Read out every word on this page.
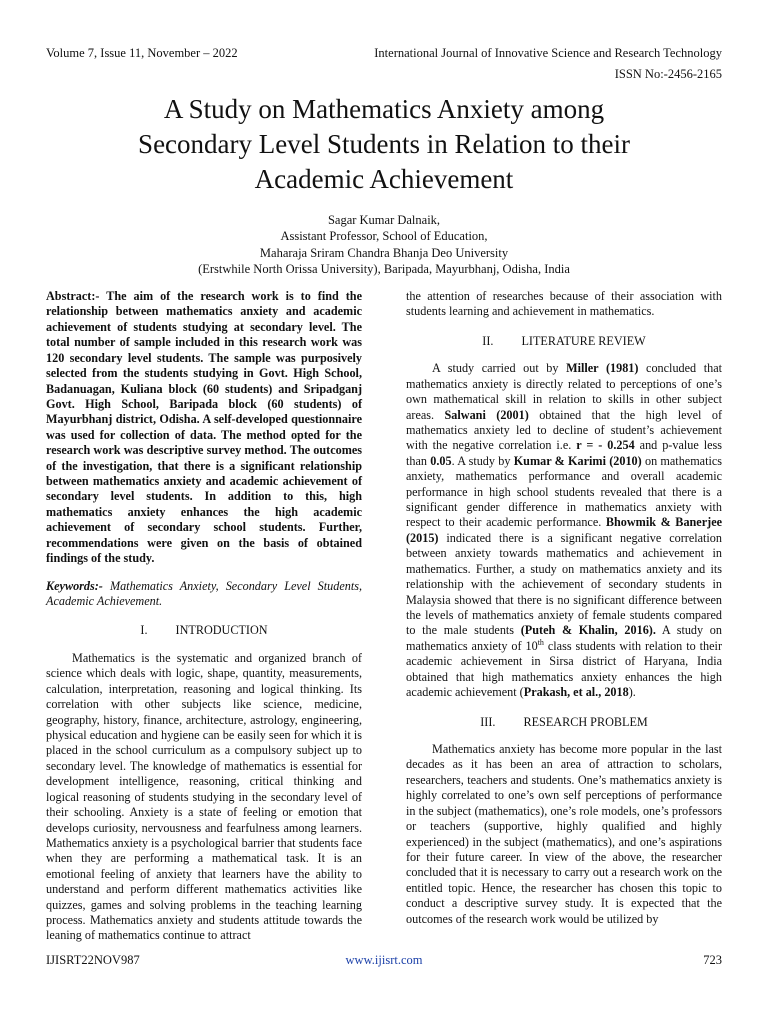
Volume 7, Issue 11, November – 2022	International Journal of Innovative Science and Research Technology
ISSN No:-2456-2165
A Study on Mathematics Anxiety among
Secondary Level Students in Relation to their
Academic Achievement
Sagar Kumar Dalnaik,
Assistant Professor, School of Education,
Maharaja Sriram Chandra Bhanja Deo University
(Erstwhile North Orissa University), Baripada, Mayurbhanj, Odisha, India

Abstract:- The aim of the research work is to find the relationship between mathematics anxiety and academic achievement of students studying at secondary level. The total number of sample included in this research work was 120 secondary level students. The sample was purposively selected from the students studying in Govt. High School, Badanuagan, Kuliana block (60 students) and Sripadganj Govt. High School, Baripada block (60 students) of Mayurbhanj district, Odisha. A self-developed questionnaire was used for collection of data. The method opted for the research work was descriptive survey method. The outcomes of the investigation, that there is a significant relationship between mathematics anxiety and academic achievement of secondary level students. In addition to this, high mathematics anxiety enhances the high academic achievement of secondary school students. Further, recommendations were given on the basis of obtained findings of the study.

Keywords:- Mathematics Anxiety, Secondary Level Students, Academic Achievement.

I. INTRODUCTION

Mathematics is the systematic and organized branch of science which deals with logic, shape, quantity, measurements, calculation, interpretation, reasoning and logical thinking. Its correlation with other subjects like science, medicine, geography, history, finance, architecture, astrology, engineering, physical education and hygiene can be easily seen for which it is placed in the school curriculum as a compulsory subject up to secondary level. The knowledge of mathematics is essential for development intelligence, reasoning, critical thinking and logical reasoning of students studying in the secondary level of their schooling. Anxiety is a state of feeling or emotion that develops curiosity, nervousness and fearfulness among learners. Mathematics anxiety is a psychological barrier that students face when they are performing a mathematical task. It is an emotional feeling of anxiety that learners have the ability to understand and perform different mathematics activities like quizzes, games and solving problems in the teaching learning process. Mathematics anxiety and students attitude towards the leaning of mathematics continue to attract

the attention of researches because of their association with students learning and achievement in mathematics.

II. LITERATURE REVIEW

A study carried out by Miller (1981) concluded that mathematics anxiety is directly related to perceptions of one’s own mathematical skill in relation to skills in other subject areas. Salwani (2001) obtained that the high level of mathematics anxiety led to decline of student’s achievement with the negative correlation i.e. r = - 0.254 and p-value less than 0.05. A study by Kumar & Karimi (2010) on mathematics anxiety, mathematics performance and overall academic performance in high school students revealed that there is a significant gender difference in mathematics anxiety with respect to their academic performance. Bhowmik & Banerjee (2015) indicated there is a significant negative correlation between anxiety towards mathematics and achievement in mathematics. Further, a study on mathematics anxiety and its relationship with the achievement of secondary students in Malaysia showed that there is no significant difference between the levels of mathematics anxiety of female students compared to the male students (Puteh & Khalin, 2016). A study on mathematics anxiety of 10th class students with relation to their academic achievement in Sirsa district of Haryana, India obtained that high mathematics anxiety enhances the high academic achievement (Prakash, et al., 2018).

III. RESEARCH PROBLEM

Mathematics anxiety has become more popular in the last decades as it has been an area of attraction to scholars, researchers, teachers and students. One’s mathematics anxiety is highly correlated to one’s own self perceptions of performance in the subject (mathematics), one’s role models, one’s professors or teachers (supportive, highly qualified and highly experienced) in the subject (mathematics), and one’s aspirations for their future career. In view of the above, the researcher concluded that it is necessary to carry out a research work on the entitled topic. Hence, the researcher has chosen this topic to conduct a descriptive survey study. It is expected that the outcomes of the research work would be utilized by

IJISRT22NOV987	www.ijisrt.com	723
